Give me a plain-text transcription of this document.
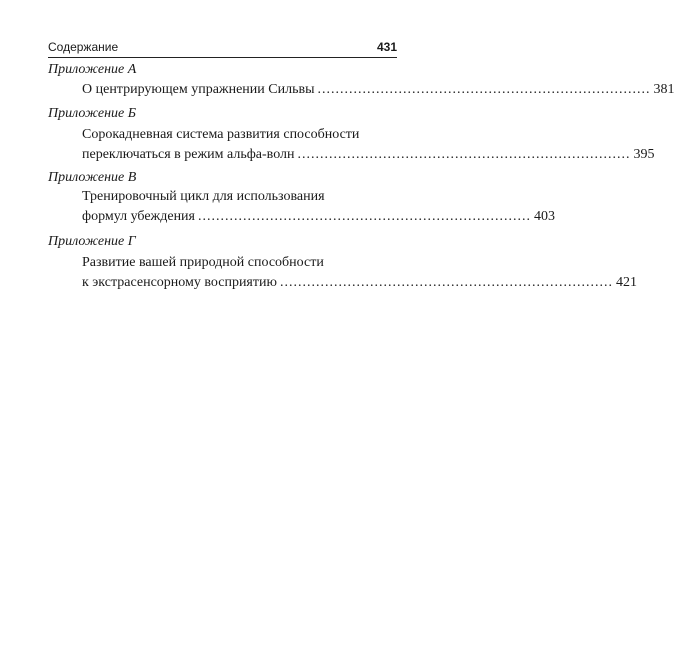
Содержание	431
Приложение А
О центрирующем упражнении Сильвы .......................................................................... 381
Приложение Б
Сорокадневная система развития способности
переключаться в режим альфа-волн .......................................................................... 395
Приложение В
Тренировочный цикл для использования
формул убеждения .......................................................................... 403
Приложение Г
Развитие вашей природной способности
к экстрасенсорному восприятию .......................................................................... 421
